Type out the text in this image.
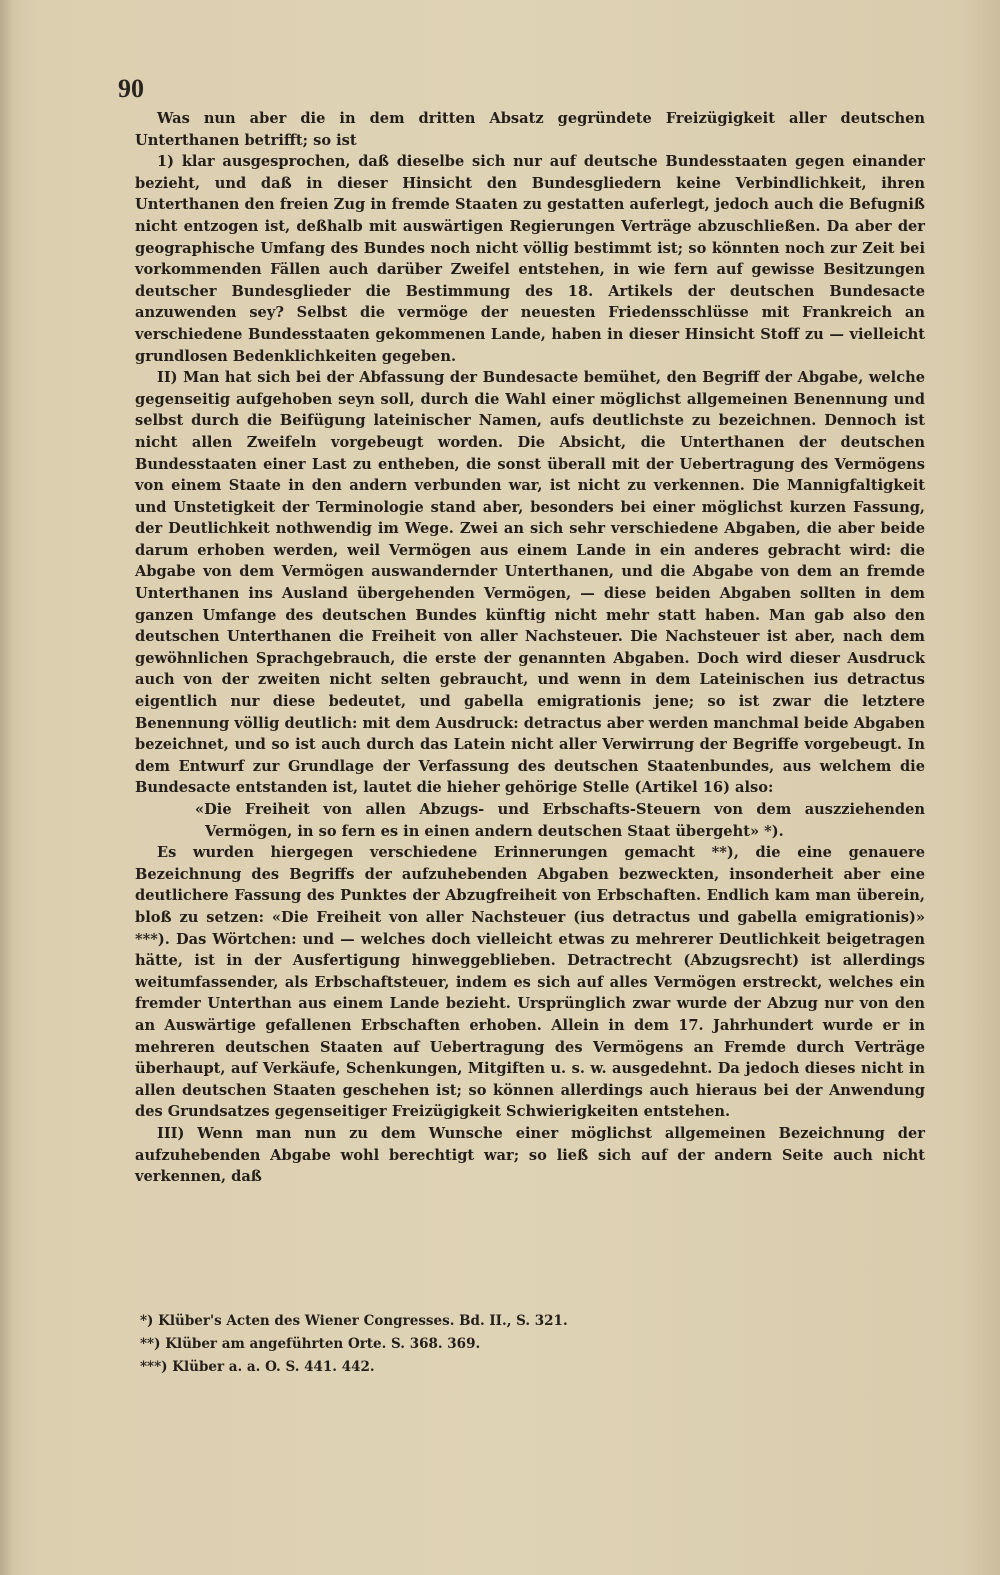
90

Was nun aber die in dem dritten Absatz gegründete Freizügigkeit aller deutschen Unterthanen betrifft; so ist

1) klar ausgesprochen, daß dieselbe sich nur auf deutsche Bundesstaaten gegen einander bezieht, und daß in dieser Hinsicht den Bundesgliedern keine Verbindlichkeit, ihren Unterthanen den freien Zug in fremde Staaten zu gestatten auferlegt, jedoch auch die Befugniß nicht entzogen ist, deßhalb mit auswärtigen Regierungen Verträge abzuschließen. Da aber der geographische Umfang des Bundes noch nicht völlig bestimmt ist; so könnten noch zur Zeit bei vorkommenden Fällen auch darüber Zweifel entstehen, in wie fern auf gewisse Besitzungen deutscher Bundesglieder die Bestimmung des 18. Artikels der deutschen Bundesacte anzuwenden sey? Selbst die vermöge der neuesten Friedensschlüsse mit Frankreich an verschiedene Bundesstaaten gekommenen Lande, haben in dieser Hinsicht Stoff zu — vielleicht grundlosen Bedenklichkeiten gegeben.

II) Man hat sich bei der Abfassung der Bundesacte bemühet, den Begriff der Abgabe, welche gegenseitig aufgehoben seyn soll, durch die Wahl einer möglichst allgemeinen Benennung und selbst durch die Beifügung lateinischer Namen, aufs deutlichste zu bezeichnen. Dennoch ist nicht allen Zweifeln vorgebeugt worden. Die Absicht, die Unterthanen der deutschen Bundesstaaten einer Last zu entheben, die sonst überall mit der Uebertragung des Vermögens von einem Staate in den andern verbunden war, ist nicht zu verkennen. Die Mannigfaltigkeit und Unstetigkeit der Terminologie stand aber, besonders bei einer möglichst kurzen Fassung, der Deutlichkeit nothwendig im Wege. Zwei an sich sehr verschiedene Abgaben, die aber beide darum erhoben werden, weil Vermögen aus einem Lande in ein anderes gebracht wird: die Abgabe von dem Vermögen auswandernder Unterthanen, und die Abgabe von dem an fremde Unterthanen ins Ausland übergehenden Vermögen, — diese beiden Abgaben sollten in dem ganzen Umfange des deutschen Bundes künftig nicht mehr statt haben. Man gab also den deutschen Unterthanen die Freiheit von aller Nachsteuer. Die Nachsteuer ist aber, nach dem gewöhnlichen Sprachgebrauch, die erste der genannten Abgaben. Doch wird dieser Ausdruck auch von der zweiten nicht selten gebraucht, und wenn in dem Lateinischen ius detractus eigentlich nur diese bedeutet, und gabella emigrationis jene; so ist zwar die letztere Benennung völlig deutlich: mit dem Ausdruck: detractus aber werden manchmal beide Abgaben bezeichnet, und so ist auch durch das Latein nicht aller Verwirrung der Begriffe vorgebeugt. In dem Entwurf zur Grundlage der Verfassung des deutschen Staatenbundes, aus welchem die Bundesacte entstanden ist, lautet die hieher gehörige Stelle (Artikel 16) also:

«Die Freiheit von allen Abzugs- und Erbschafts-Steuern von dem auszziehenden Vermögen, in so fern es in einen andern deutschen Staat übergeht» *).

Es wurden hiergegen verschiedene Erinnerungen gemacht **), die eine genauere Bezeichnung des Begriffs der aufzuhebenden Abgaben bezweckten, insonderheit aber eine deutlichere Fassung des Punktes der Abzugfreiheit von Erbschaften. Endlich kam man überein, bloß zu setzen: «Die Freiheit von aller Nachsteuer (ius detractus und gabella emigrationis)» ***). Das Wörtchen: und — welches doch vielleicht etwas zu mehrerer Deutlichkeit beigetragen hätte, ist in der Ausfertigung hinweggeblieben. Detractrecht (Abzugsrecht) ist allerdings weitumfassender, als Erbschaftsteuer, indem es sich auf alles Vermögen erstreckt, welches ein fremder Unterthan aus einem Lande bezieht. Ursprünglich zwar wurde der Abzug nur von den an Auswärtige gefallenen Erbschaften erhoben. Allein in dem 17. Jahrhundert wurde er in mehreren deutschen Staaten auf Uebertragung des Vermögens an Fremde durch Verträge überhaupt, auf Verkäufe, Schenkungen, Mitgiften u. s. w. ausgedehnt. Da jedoch dieses nicht in allen deutschen Staaten geschehen ist; so können allerdings auch hieraus bei der Anwendung des Grundsatzes gegenseitiger Freizügigkeit Schwierigkeiten entstehen.

III) Wenn man nun zu dem Wunsche einer möglichst allgemeinen Bezeichnung der aufzuhebenden Abgabe wohl berechtigt war; so ließ sich auf der andern Seite auch nicht verkennen, daß

*) Klüber's Acten des Wiener Congresses. Bd. II., S. 321.

**) Klüber am angeführten Orte. S. 368. 369.

***) Klüber a. a. O. S. 441. 442.
